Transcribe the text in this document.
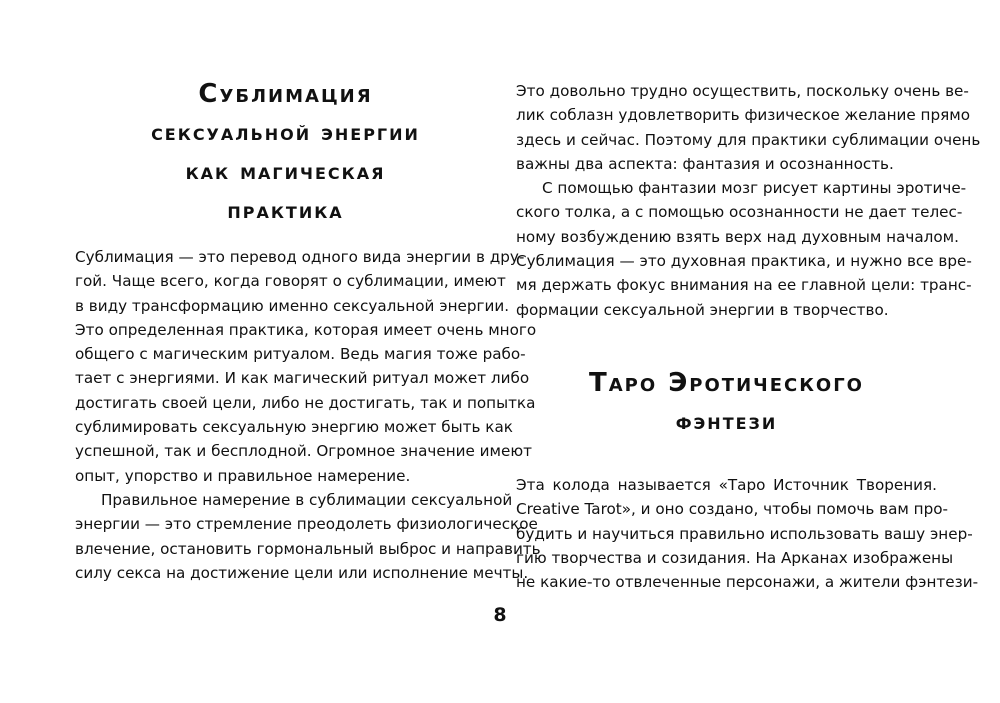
Сублимация
сексуальной энергии
как магическая
практика

Сублимация — это перевод одного вида энергии в дру-
гой. Чаще всего, когда говорят о сублимации, имеют
в виду трансформацию именно сексуальной энергии.
Это определенная практика, которая имеет очень много
общего с магическим ритуалом. Ведь магия тоже рабо-
тает с энергиями. И как магический ритуал может либо
достигать своей цели, либо не достигать, так и попытка
сублимировать сексуальную энергию может быть как
успешной, так и бесплодной. Огромное значение имеют
опыт, упорство и правильное намерение.

Правильное намерение в сублимации сексуальной
энергии — это стремление преодолеть физиологическое
влечение, остановить гормональный выброс и направить
силу секса на достижение цели или исполнение мечты.

Это довольно трудно осуществить, поскольку очень ве-
лик соблазн удовлетворить физическое желание прямо
здесь и сейчас. Поэтому для практики сублимации очень
важны два аспекта: фантазия и осознанность.

С помощью фантазии мозг рисует картины эротиче-
ского толка, а с помощью осознанности не дает телес-
ному возбуждению взять верх над духовным началом.
Сублимация — это духовная практика, и нужно все вре-
мя держать фокус внимания на ее главной цели: транс-
формации сексуальной энергии в творчество.

Таро Эротического
фэнтези

Эта колода называется «Таро Источник Творения.
Creative Tarot», и оно создано, чтобы помочь вам про-
будить и научиться правильно использовать вашу энер-
гию творчества и созидания. На Арканах изображены
не какие-то отвлеченные персонажи, а жители фэнтези-

8
